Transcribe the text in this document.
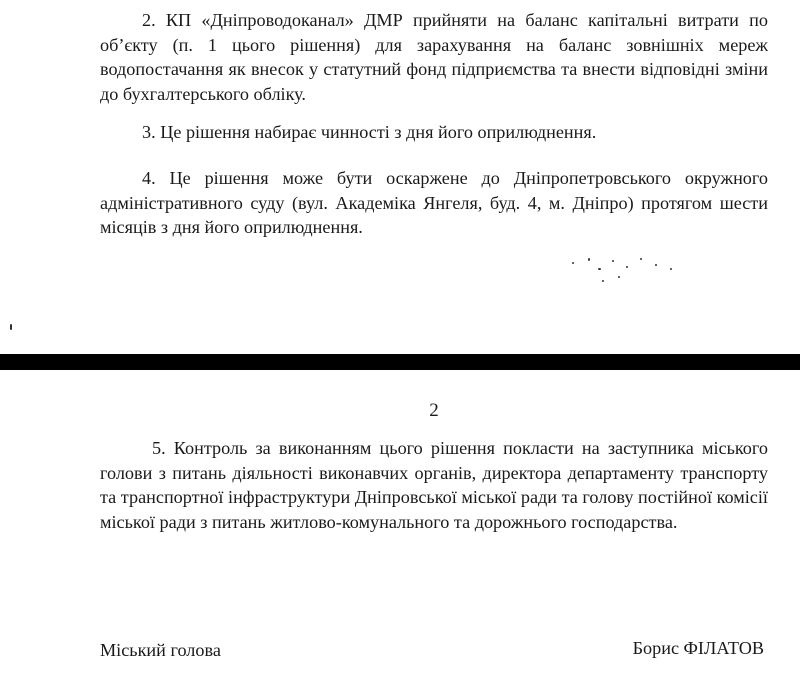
2. КП «Дніпроводоканал» ДМР прийняти на баланс капітальні витрати по об’єкту (п. 1 цього рішення) для зарахування на баланс зовнішніх мереж водопостачання як внесок у статутний фонд підприємства та внести відповідні зміни до бухгалтерського обліку.

3. Це рішення набирає чинності з дня його оприлюднення.

4. Це рішення може бути оскаржене до Дніпропетровського окружного адміністративного суду (вул. Академіка Янгеля, буд. 4, м. Дніпро) протягом шести місяців з дня його оприлюднення.

2

5. Контроль за виконанням цього рішення покласти на заступника міського голови з питань діяльності виконавчих органів, директора департаменту транспорту та транспортної інфраструктури Дніпровської міської ради та голову постійної комісії міської ради з питань житлово-комунального та дорожнього господарства.

Міський голова	Борис ФІЛАТОВ
